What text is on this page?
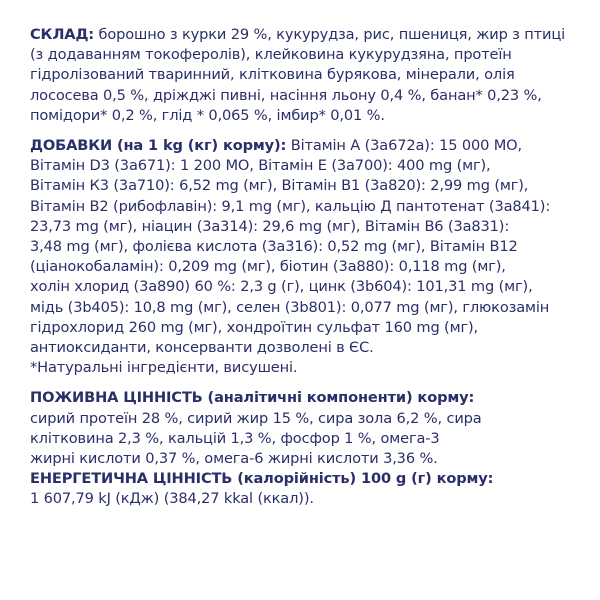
СКЛАД: борошно з курки 29 %, кукурудза, рис, пшениця, жир з птиці
(з додаванням токоферолів), клейковина кукурудзяна, протеїн
гідролізований тваринний, клітковина бурякова, мінерали, олія
лососева 0,5 %, дріжджі пивні, насіння льону 0,4 %, банан* 0,23 %,
помідори* 0,2 %, глід * 0,065 %, імбир* 0,01 %.
ДОБАВКИ (на 1 kg (кг) корму): Вітамін А (3a672a): 15 000 МО,
Вітамін D3 (3a671): 1 200 МО, Вітамін Е (3a700): 400 mg (мг),
Вітамін К3 (3a710): 6,52 mg (мг), Вітамін В1 (3a820): 2,99 mg (мг),
Вітамін В2 (рибофлавін): 9,1 mg (мг), кальцію Д пантотенат (3a841):
23,73 mg (мг), ніацин (3a314): 29,6 mg (мг), Вітамін В6 (3a831):
3,48 mg (мг), фолієва кислота (3a316): 0,52 mg (мг), Вітамін В12
(ціанокобаламін): 0,209 mg (мг), біотин (3a880): 0,118 mg (мг),
холін хлорид (3a890) 60 %: 2,3 g (г), цинк (3b604): 101,31 mg (мг),
мідь (3b405): 10,8 mg (мг), селен (3b801): 0,077 mg (мг), глюкозамін
гідрохлорид 260 mg (мг), хондроїтин сульфат 160 mg (мг),
антиоксиданти, консерванти дозволені в ЄС.
*Натуральні інгредієнти, висушені.
ПОЖИВНА ЦІННІСТЬ (аналітичні компоненти) корму:
сирий протеїн 28 %, сирий жир 15 %, сира зола 6,2 %, сира
клітковина 2,3 %, кальцій 1,3 %, фосфор 1 %, омега-3
жирні кислоти 0,37 %, омега-6 жирні кислоти 3,36 %.
ЕНЕРГЕТИЧНА ЦІННІСТЬ (калорійність) 100 g (г) корму:
1 607,79 kJ (кДж) (384,27 kkal (ккал)).
